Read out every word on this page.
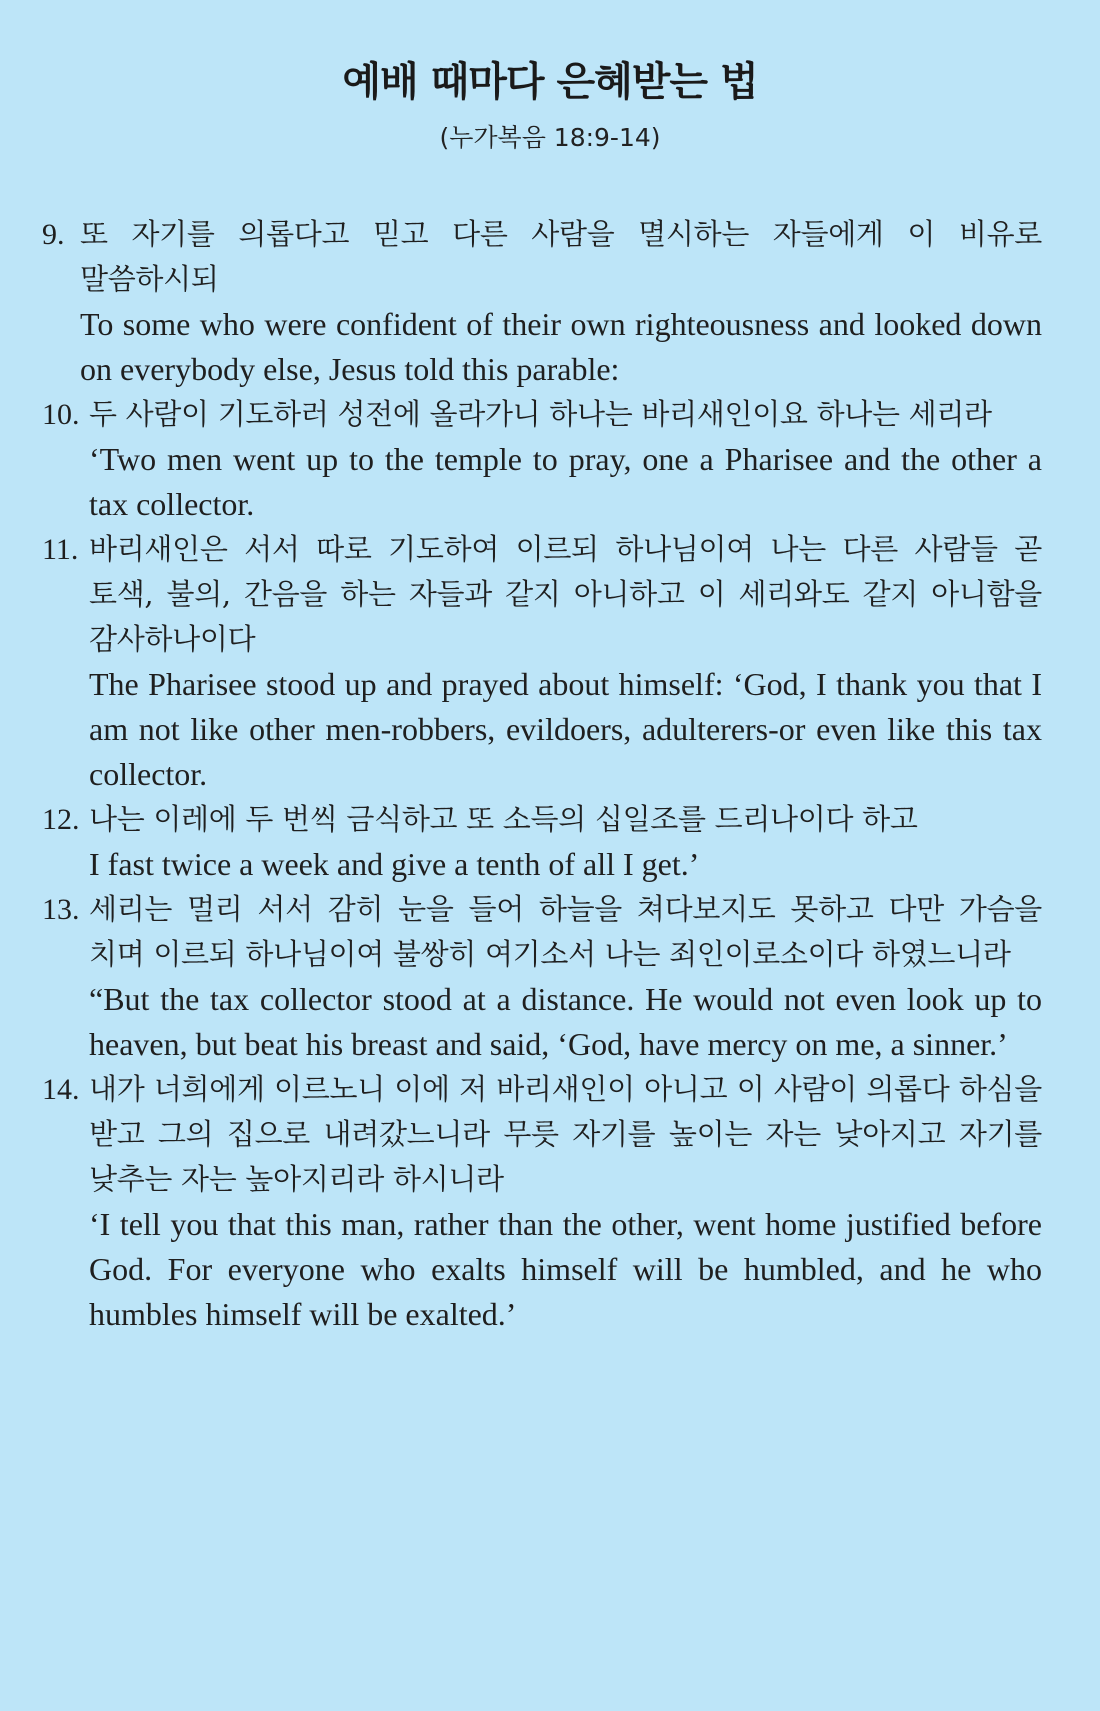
예배 때마다 은혜받는 법
(누가복음 18:9-14)
9. 또 자기를 의롭다고 믿고 다른 사람을 멸시하는 자들에게 이 비유로 말씀하시되
To some who were confident of their own righteousness and looked down on everybody else, Jesus told this parable:
10. 두 사람이 기도하러 성전에 올라가니 하나는 바리새인이요 하나는 세리라
‘Two men went up to the temple to pray, one a Pharisee and the other a tax collector.
11. 바리새인은 서서 따로 기도하여 이르되 하나님이여 나는 다른 사람들 곧 토색, 불의, 간음을 하는 자들과 같지 아니하고 이 세리와도 같지 아니함을 감사하나이다
The Pharisee stood up and prayed about himself: ‘God, I thank you that I am not like other men-robbers, evildoers, adulterers-or even like this tax collector.
12. 나는 이레에 두 번씩 금식하고 또 소득의 십일조를 드리나이다 하고
I fast twice a week and give a tenth of all I get.’
13. 세리는 멀리 서서 감히 눈을 들어 하늘을 쳐다보지도 못하고 다만 가슴을 치며 이르되 하나님이여 불쌍히 여기소서 나는 죄인이로소이다 하였느니라
“But the tax collector stood at a distance. He would not even look up to heaven, but beat his breast and said, ‘God, have mercy on me, a sinner.’
14. 내가 너희에게 이르노니 이에 저 바리새인이 아니고 이 사람이 의롭다 하심을 받고 그의 집으로 내려갔느니라 무릇 자기를 높이는 자는 낮아지고 자기를 낮추는 자는 높아지리라 하시니라
‘I tell you that this man, rather than the other, went home justified before God. For everyone who exalts himself will be humbled, and he who humbles himself will be exalted.’
